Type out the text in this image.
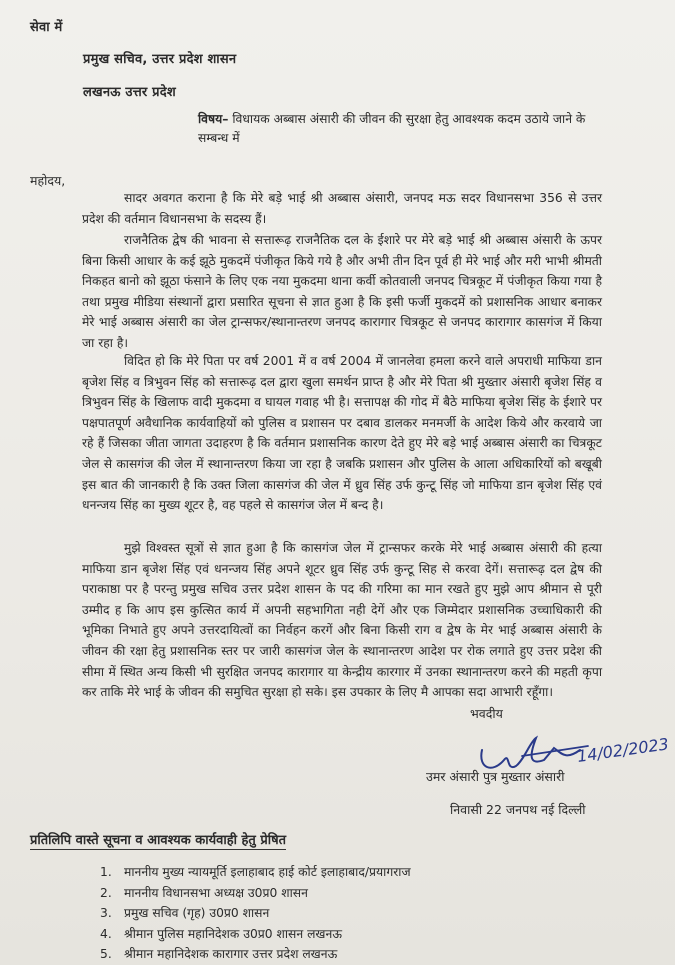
सेवा में

प्रमुख सचिव, उत्तर प्रदेश शासन

लखनऊ उत्तर प्रदेश

विषय– विधायक अब्बास अंसारी की जीवन की सुरक्षा हेतु आवश्यक कदम उठाये जाने के सम्बन्ध में

महोदय,

सादर अवगत कराना है कि मेरे बड़े भाई श्री अब्बास अंसारी, जनपद मऊ सदर विधानसभा 356 से उत्तर प्रदेश की वर्तमान विधानसभा के सदस्य हैं।

राजनैतिक द्वेष की भावना से सत्तारूढ़ राजनैतिक दल के ईशारे पर मेरे बड़े भाई श्री अब्बास अंसारी के ऊपर बिना किसी आधार के कई झूठे मुकदमें पंजीकृत किये गये है और अभी तीन दिन पूर्व ही मेरे भाई और मरी भाभी श्रीमती निकहत बानो को झूठा फंसाने के लिए एक नया मुकदमा थाना कर्वी कोतवाली जनपद चित्रकूट में पंजीकृत किया गया है तथा प्रमुख मीडिया संस्थानों द्वारा प्रसारित सूचना से ज्ञात हुआ है कि इसी फर्जी मुकदमें को प्रशासनिक आधार बनाकर मेरे भाई अब्बास अंसारी का जेल ट्रान्सफर/स्थानान्तरण जनपद कारागार चित्रकूट से जनपद कारागार कासगंज में किया जा रहा है।

विदित हो कि मेरे पिता पर वर्ष 2001 में व वर्ष 2004 में जानलेवा हमला करने वाले अपराधी माफिया डान बृजेश सिंह व त्रिभुवन सिंह को सत्तारूढ़ दल द्वारा खुला समर्थन प्राप्त है और मेरे पिता श्री मुख्तार अंसारी बृजेश सिंह व त्रिभुवन सिंह के खिलाफ वादी मुकदमा व घायल गवाह भी है। सत्तापक्ष की गोद में बैठे माफिया बृजेश सिंह के ईशारे पर पक्षपातपूर्ण अवैधानिक कार्यवाहियों को पुलिस व प्रशासन पर दबाव डालकर मनमर्जी के आदेश किये और करवाये जा रहे हैं जिसका जीता जागता उदाहरण है कि वर्तमान प्रशासनिक कारण देते हुए मेरे बड़े भाई अब्बास अंसारी का चित्रकूट जेल से कासगंज की जेल में स्थानान्तरण किया जा रहा है जबकि प्रशासन और पुलिस के आला अधिकारियों को बखूबी इस बात की जानकारी है कि उक्त जिला कासगंज की जेल में ध्रुव सिंह उर्फ कुन्टू सिंह जो माफिया डान बृजेश सिंह एवं धनन्जय सिंह का मुख्य शूटर है, वह पहले से कासगंज जेल में बन्द है।

मुझे विश्वस्त सूत्रों से ज्ञात हुआ है कि कासगंज जेल में ट्रान्सफर करके मेरे भाई अब्बास अंसारी की हत्या माफिया डान बृजेश सिंह एवं धनन्जय सिंह अपने शूटर ध्रुव सिंह उर्फ कुन्टू सिह से करवा देगें। सत्तारूढ़ दल द्वेष की पराकाष्ठा पर है परन्तु प्रमुख सचिव उत्तर प्रदेश शासन के पद की गरिमा का मान रखते हुए मुझे आप श्रीमान से पूरी उम्मीद ह कि आप इस कुत्सित कार्य में अपनी सहभागिता नही देगें और एक जिम्मेदार प्रशासनिक उच्चाधिकारी की भूमिका निभाते हुए अपने उत्तरदायित्वों का निर्वहन करगें और बिना किसी राग व द्वेष के मेर भाई अब्बास अंसारी के जीवन की रक्षा हेतु प्रशासनिक स्तर पर जारी कासगंज जेल के स्थानान्तरण आदेश पर रोक लगाते हुए उत्तर प्रदेश की सीमा में स्थित अन्य किसी भी सुरक्षित जनपद कारागार या केन्द्रीय कारगार में उनका स्थानान्तरण करने की महती कृपा कर ताकि मेरे भाई के जीवन की समुचित सुरक्षा हो सके। इस उपकार के लिए मै आपका सदा आभारी रहूँगा।

भवदीय

14/02/2023

उमर अंसारी पुत्र मुख्तार अंसारी

निवासी 22 जनपथ नई दिल्ली

प्रतिलिपि वास्ते सूचना व आवश्यक कार्यवाही हेतु प्रेषित

1. माननीय मुख्य न्यायमूर्ति इलाहाबाद हाई कोर्ट इलाहाबाद/प्रयागराज
2. माननीय विधानसभा अध्यक्ष उ0प्र0 शासन
3. प्रमुख सचिव (गृह) उ0प्र0 शासन
4. श्रीमान पुलिस महानिदेशक उ0प्र0 शासन लखनऊ
5. श्रीमान महानिदेशक कारागार उत्तर प्रदेश लखनऊ
